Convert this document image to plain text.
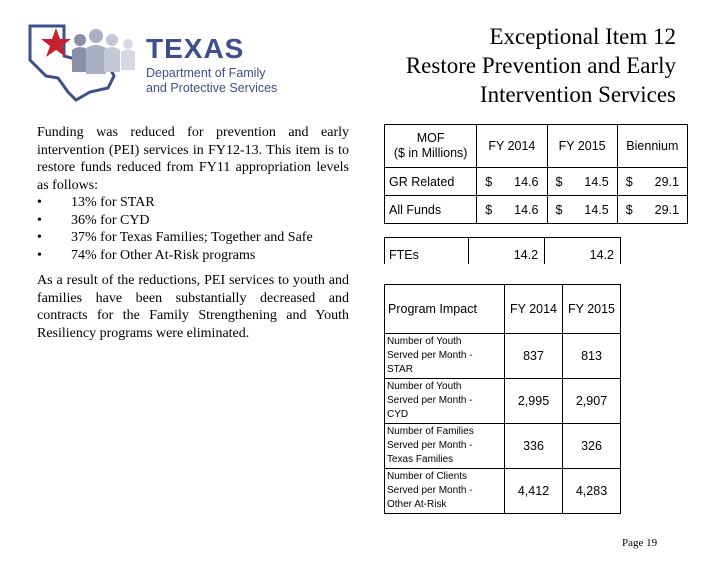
TEXAS
Department of Family
and Protective Services
Exceptional Item 12
Restore Prevention and Early
Intervention Services

Funding was reduced for prevention and early intervention (PEI) services in FY12-13. This item is to restore funds reduced from FY11 appropriation levels as follows:

• 13% for STAR
• 36% for CYD
• 37% for Texas Families; Together and Safe
• 74% for Other At-Risk programs

As a result of the reductions, PEI services to youth and families have been substantially decreased and contracts for the Family Strengthening and Youth Resiliency programs were eliminated.

MOF
($ in Millions)	FY 2014		FY 2015		Biennium	
GR Related	$	14.6	$	14.5	$	29.1
All Funds	$	14.6	$	14.5	$	29.1
FTEs	14.2	14.2
Program Impact	FY 2014	FY 2015

Number of Youth
Served per Month -
STAR	837	813

Number of Youth
Served per Month -
CYD	2,995	2,907

Number of Families
Served per Month -
Texas Families	336	326

Number of Clients
Served per Month -
Other At-Risk	4,412	4,283
Page 19
